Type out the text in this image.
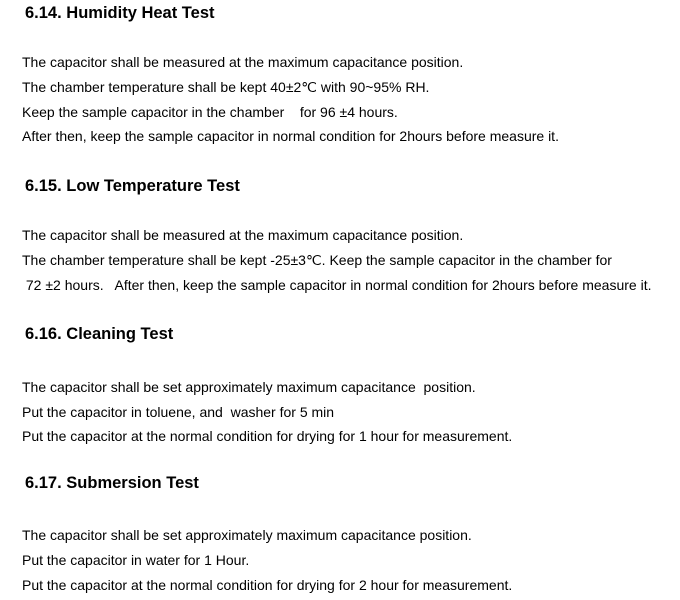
6.14. Humidity Heat Test

The capacitor shall be measured at the maximum capacitance position.

The chamber temperature shall be kept 40±2℃ with 90~95% RH.

Keep the sample capacitor in the chamber    for 96 ±4 hours.

After then, keep the sample capacitor in normal condition for 2hours before measure it.

6.15. Low Temperature Test

The capacitor shall be measured at the maximum capacitance position.

The chamber temperature shall be kept -25±3℃. Keep the sample capacitor in the chamber for

72 ±2 hours.   After then, keep the sample capacitor in normal condition for 2hours before measure it.

6.16. Cleaning Test

The capacitor shall be set approximately maximum capacitance  position.

Put the capacitor in toluene, and  washer for 5 min

Put the capacitor at the normal condition for drying for 1 hour for measurement.

6.17. Submersion Test

The capacitor shall be set approximately maximum capacitance position.

Put the capacitor in water for 1 Hour.

Put the capacitor at the normal condition for drying for 2 hour for measurement.
